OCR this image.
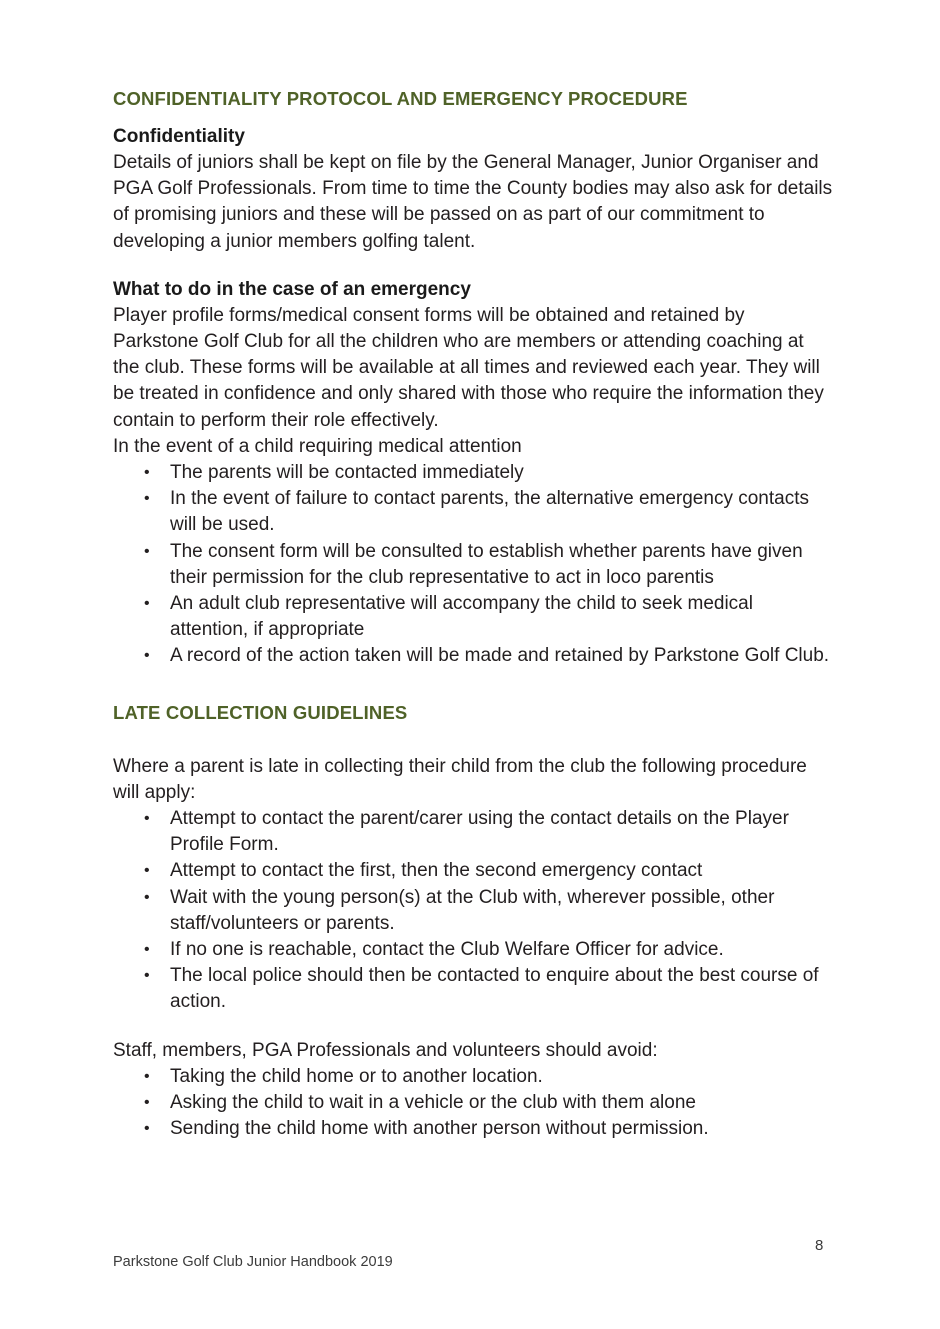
CONFIDENTIALITY PROTOCOL AND EMERGENCY PROCEDURE
Confidentiality

Details of juniors shall be kept on file by the General Manager, Junior Organiser and PGA Golf Professionals. From time to time the County bodies may also ask for details of promising juniors and these will be passed on as part of our commitment to developing a junior members golfing talent.

What to do in the case of an emergency

Player profile forms/medical consent forms will be obtained and retained by Parkstone Golf Club for all the children who are members or attending coaching at the club. These forms will be available at all times and reviewed each year. They will be treated in confidence and only shared with those who require the information they contain to perform their role effectively.

In the event of a child requiring medical attention

• The parents will be contacted immediately
• In the event of failure to contact parents, the alternative emergency contacts will be used.
• The consent form will be consulted to establish whether parents have given their permission for the club representative to act in loco parentis
• An adult club representative will accompany the child to seek medical attention, if appropriate
• A record of the action taken will be made and retained by Parkstone Golf Club.
LATE COLLECTION GUIDELINES

Where a parent is late in collecting their child from the club the following procedure will apply:

• Attempt to contact the parent/carer using the contact details on the Player Profile Form.
• Attempt to contact the first, then the second emergency contact
• Wait with the young person(s) at the Club with, wherever possible, other staff/volunteers or parents.
• If no one is reachable, contact the Club Welfare Officer for advice.
• The local police should then be contacted to enquire about the best course of action.

Staff, members, PGA Professionals and volunteers should avoid:

• Taking the child home or to another location.
• Asking the child to wait in a vehicle or the club with them alone
• Sending the child home with another person without permission.
8
Parkstone Golf Club Junior Handbook 2019
